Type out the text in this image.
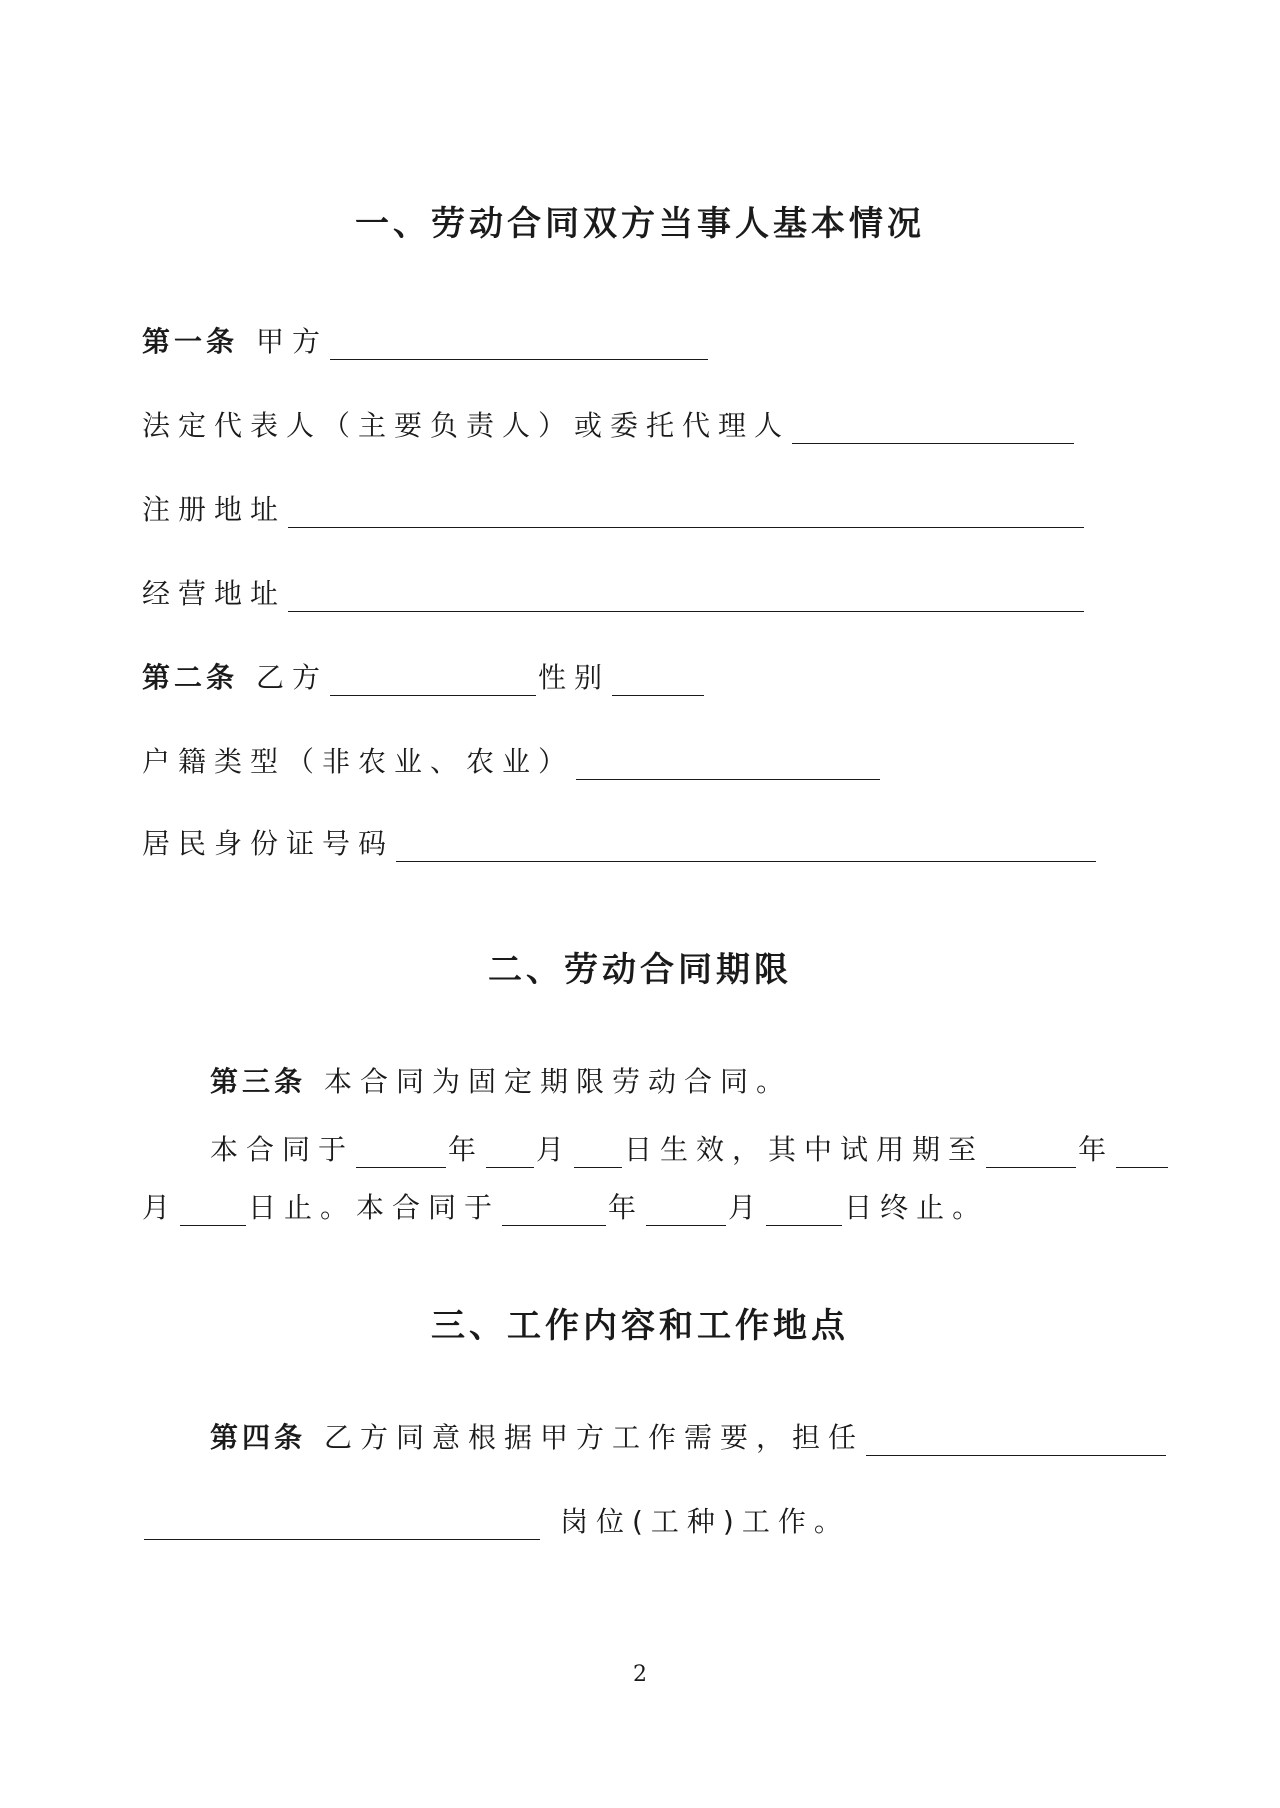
一、劳动合同双方当事人基本情况
第一条 甲方
法定代表人（主要负责人）或委托代理人
注册地址
经营地址
第二条 乙方	性别
户籍类型（非农业、农业）
居民身份证号码
二、劳动合同期限
第三条 本合同为固定期限劳动合同。
本合同于	年 月 日生效，其中试用期至	年
月	日止。本合同于	年	月	日终止。
三、工作内容和工作地点
第四条 乙方同意根据甲方工作需要，担任
岗位(工种)工作。
2
